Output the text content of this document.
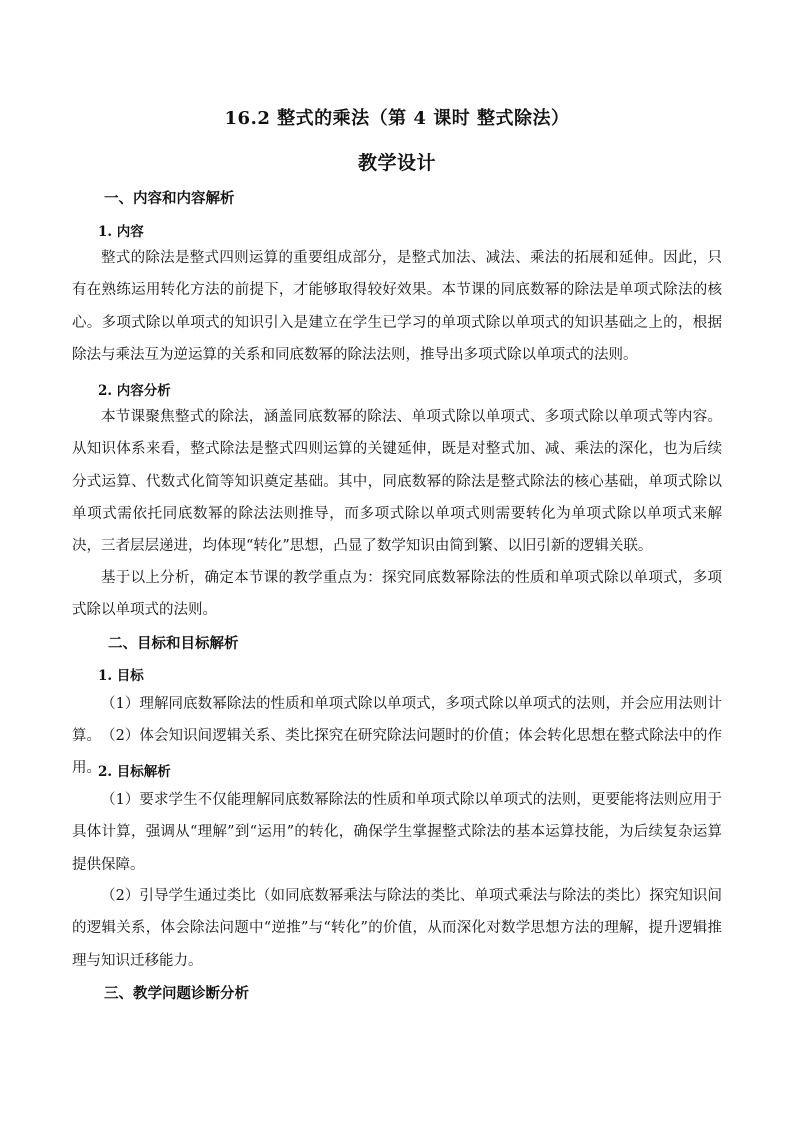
16.2 整式的乘法（第 4 课时 整式除法）
教学设计
一、内容和内容解析
1. 内容

整式的除法是整式四则运算的重要组成部分，是整式加法、减法、乘法的拓展和延伸。因此，只有在熟练运用转化方法的前提下，才能够取得较好效果。本节课的同底数幂的除法是单项式除法的核心。多项式除以单项式的知识引入是建立在学生已学习的单项式除以单项式的知识基础之上的，根据除法与乘法互为逆运算的关系和同底数幂的除法法则，推导出多项式除以单项式的法则。

2. 内容分析

本节课聚焦整式的除法，涵盖同底数幂的除法、单项式除以单项式、多项式除以单项式等内容。从知识体系来看，整式除法是整式四则运算的关键延伸，既是对整式加、减、乘法的深化，也为后续分式运算、代数式化简等知识奠定基础。其中，同底数幂的除法是整式除法的核心基础，单项式除以单项式需依托同底数幂的除法法则推导，而多项式除以单项式则需要转化为单项式除以单项式来解决，三者层层递进，均体现“转化”思想，凸显了数学知识由简到繁、以旧引新的逻辑关联。

基于以上分析，确定本节课的教学重点为：探究同底数幂除法的性质和单项式除以单项式，多项式除以单项式的法则。

二、目标和目标解析
1. 目标

（1）理解同底数幂除法的性质和单项式除以单项式，多项式除以单项式的法则，并会应用法则计算。 （2）体会知识间逻辑关系、类比探究在研究除法问题时的价值；体会转化思想在整式除法中的作用。

2. 目标解析

（1）要求学生不仅能理解同底数幂除法的性质和单项式除以单项式的法则，更要能将法则应用于具体计算，强调从“理解”到“运用”的转化，确保学生掌握整式除法的基本运算技能，为后续复杂运算提供保障。

（2）引导学生通过类比（如同底数幂乘法与除法的类比、单项式乘法与除法的类比）探究知识间的逻辑关系，体会除法问题中“逆推”与“转化”的价值，从而深化对数学思想方法的理解，提升逻辑推理与知识迁移能力。

三、教学问题诊断分析
